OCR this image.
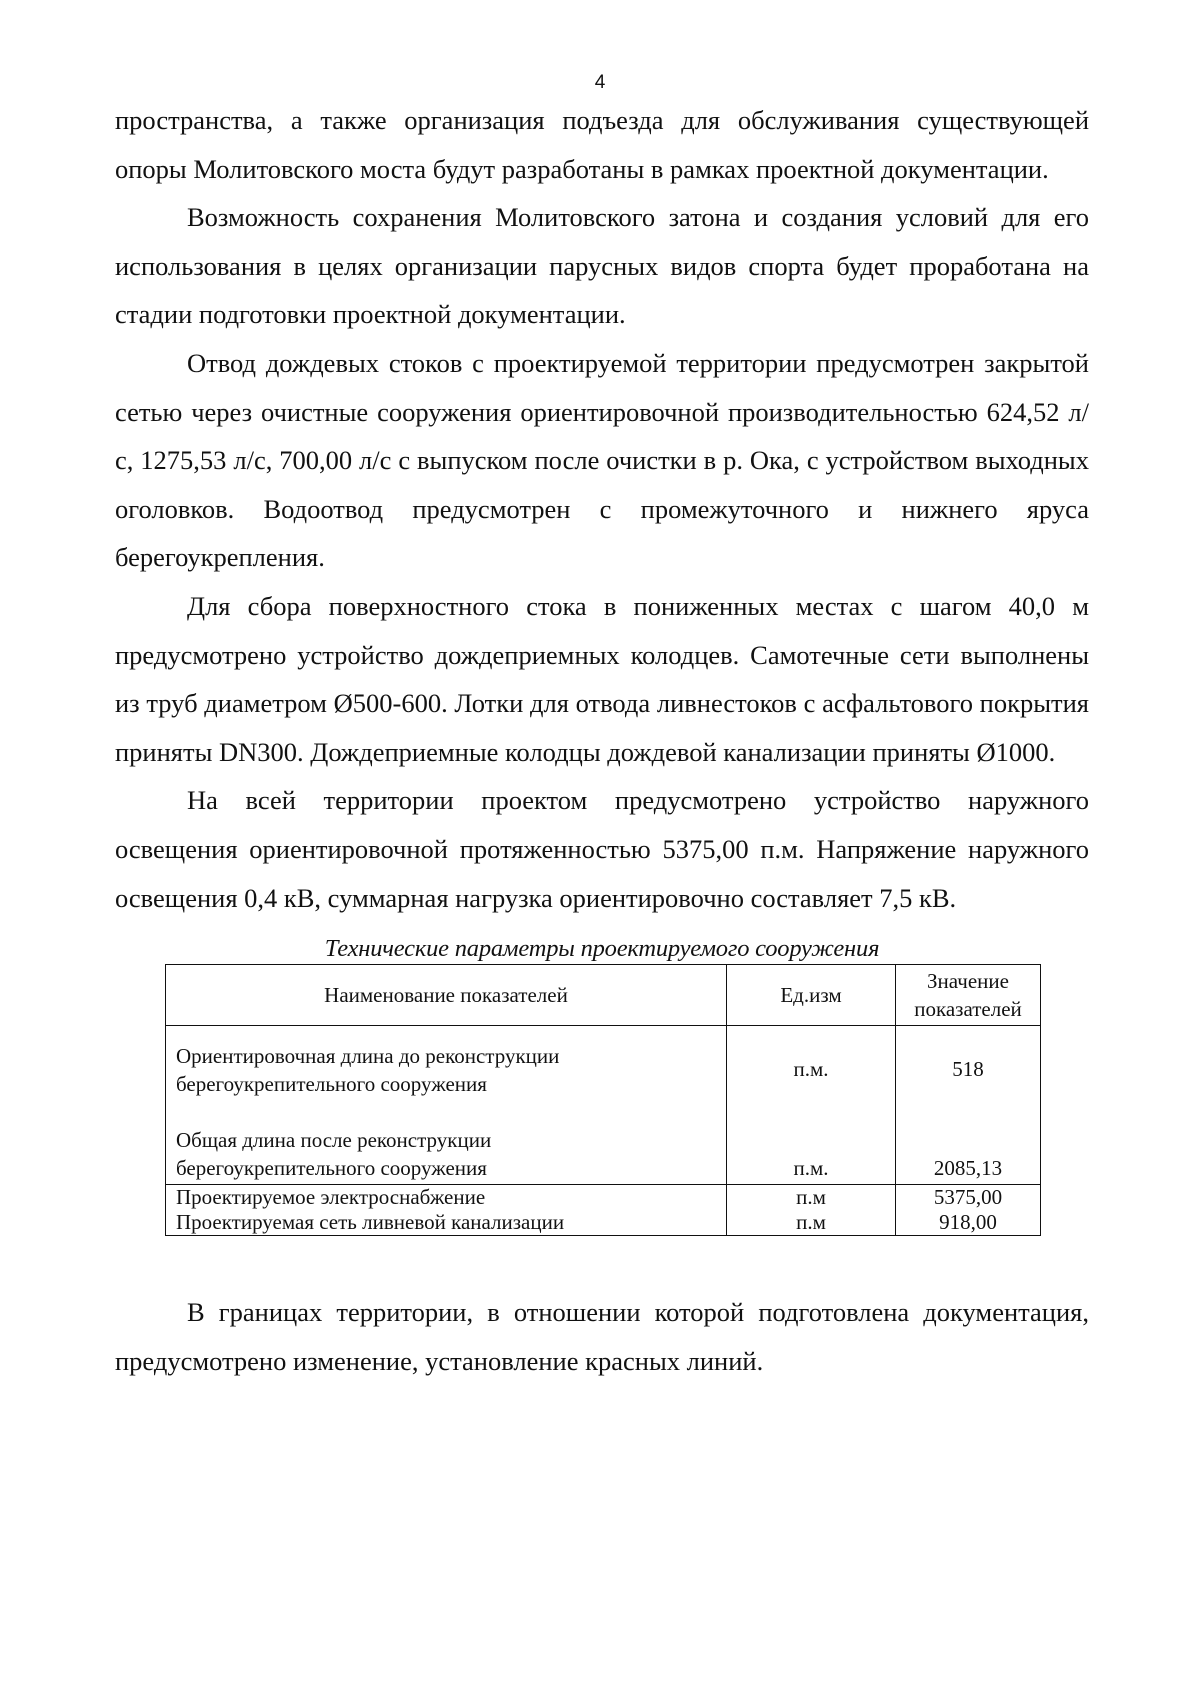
4

пространства, а также организация подъезда для обслуживания существующей опоры Молитовского моста будут разработаны в рамках проектной документации.

Возможность сохранения Молитовского затона и создания условий для его использования в целях организации парусных видов спорта будет проработана на стадии подготовки проектной документации.

Отвод дождевых стоков с проектируемой территории предусмотрен закрытой сетью через очистные сооружения ориентировочной производительностью 624,52 л/с, 1275,53 л/с, 700,00 л/с с выпуском после очистки в р. Ока, с устройством выходных оголовков. Водоотвод предусмотрен с промежуточного и нижнего яруса берегоукрепления.

Для сбора поверхностного стока в пониженных местах с шагом 40,0 м предусмотрено устройство дождеприемных колодцев. Самотечные сети выполнены из труб диаметром Ø500-600. Лотки для отвода ливнестоков с асфальтового покрытия приняты DN300. Дождеприемные колодцы дождевой канализации приняты Ø1000.

На всей территории проектом предусмотрено устройство наружного освещения ориентировочной протяженностью 5375,00 п.м. Напряжение наружного освещения 0,4 кВ, суммарная нагрузка ориентировочно составляет 7,5 кВ.

Технические параметры проектируемого сооружения
Наименование показателей	Ед.изм	Значение
показателей

Ориентировочная длина до реконструкции
берегоукрепительного сооружения	п.м.	518

Общая длина после реконструкции
берегоукрепительного сооружения	п.м.	2085,13
Проектируемое электроснабжение	п.м	5375,00
Проектируемая сеть ливневой канализации	п.м	918,00

В границах территории, в отношении которой подготовлена документация, предусмотрено изменение, установление красных линий.
